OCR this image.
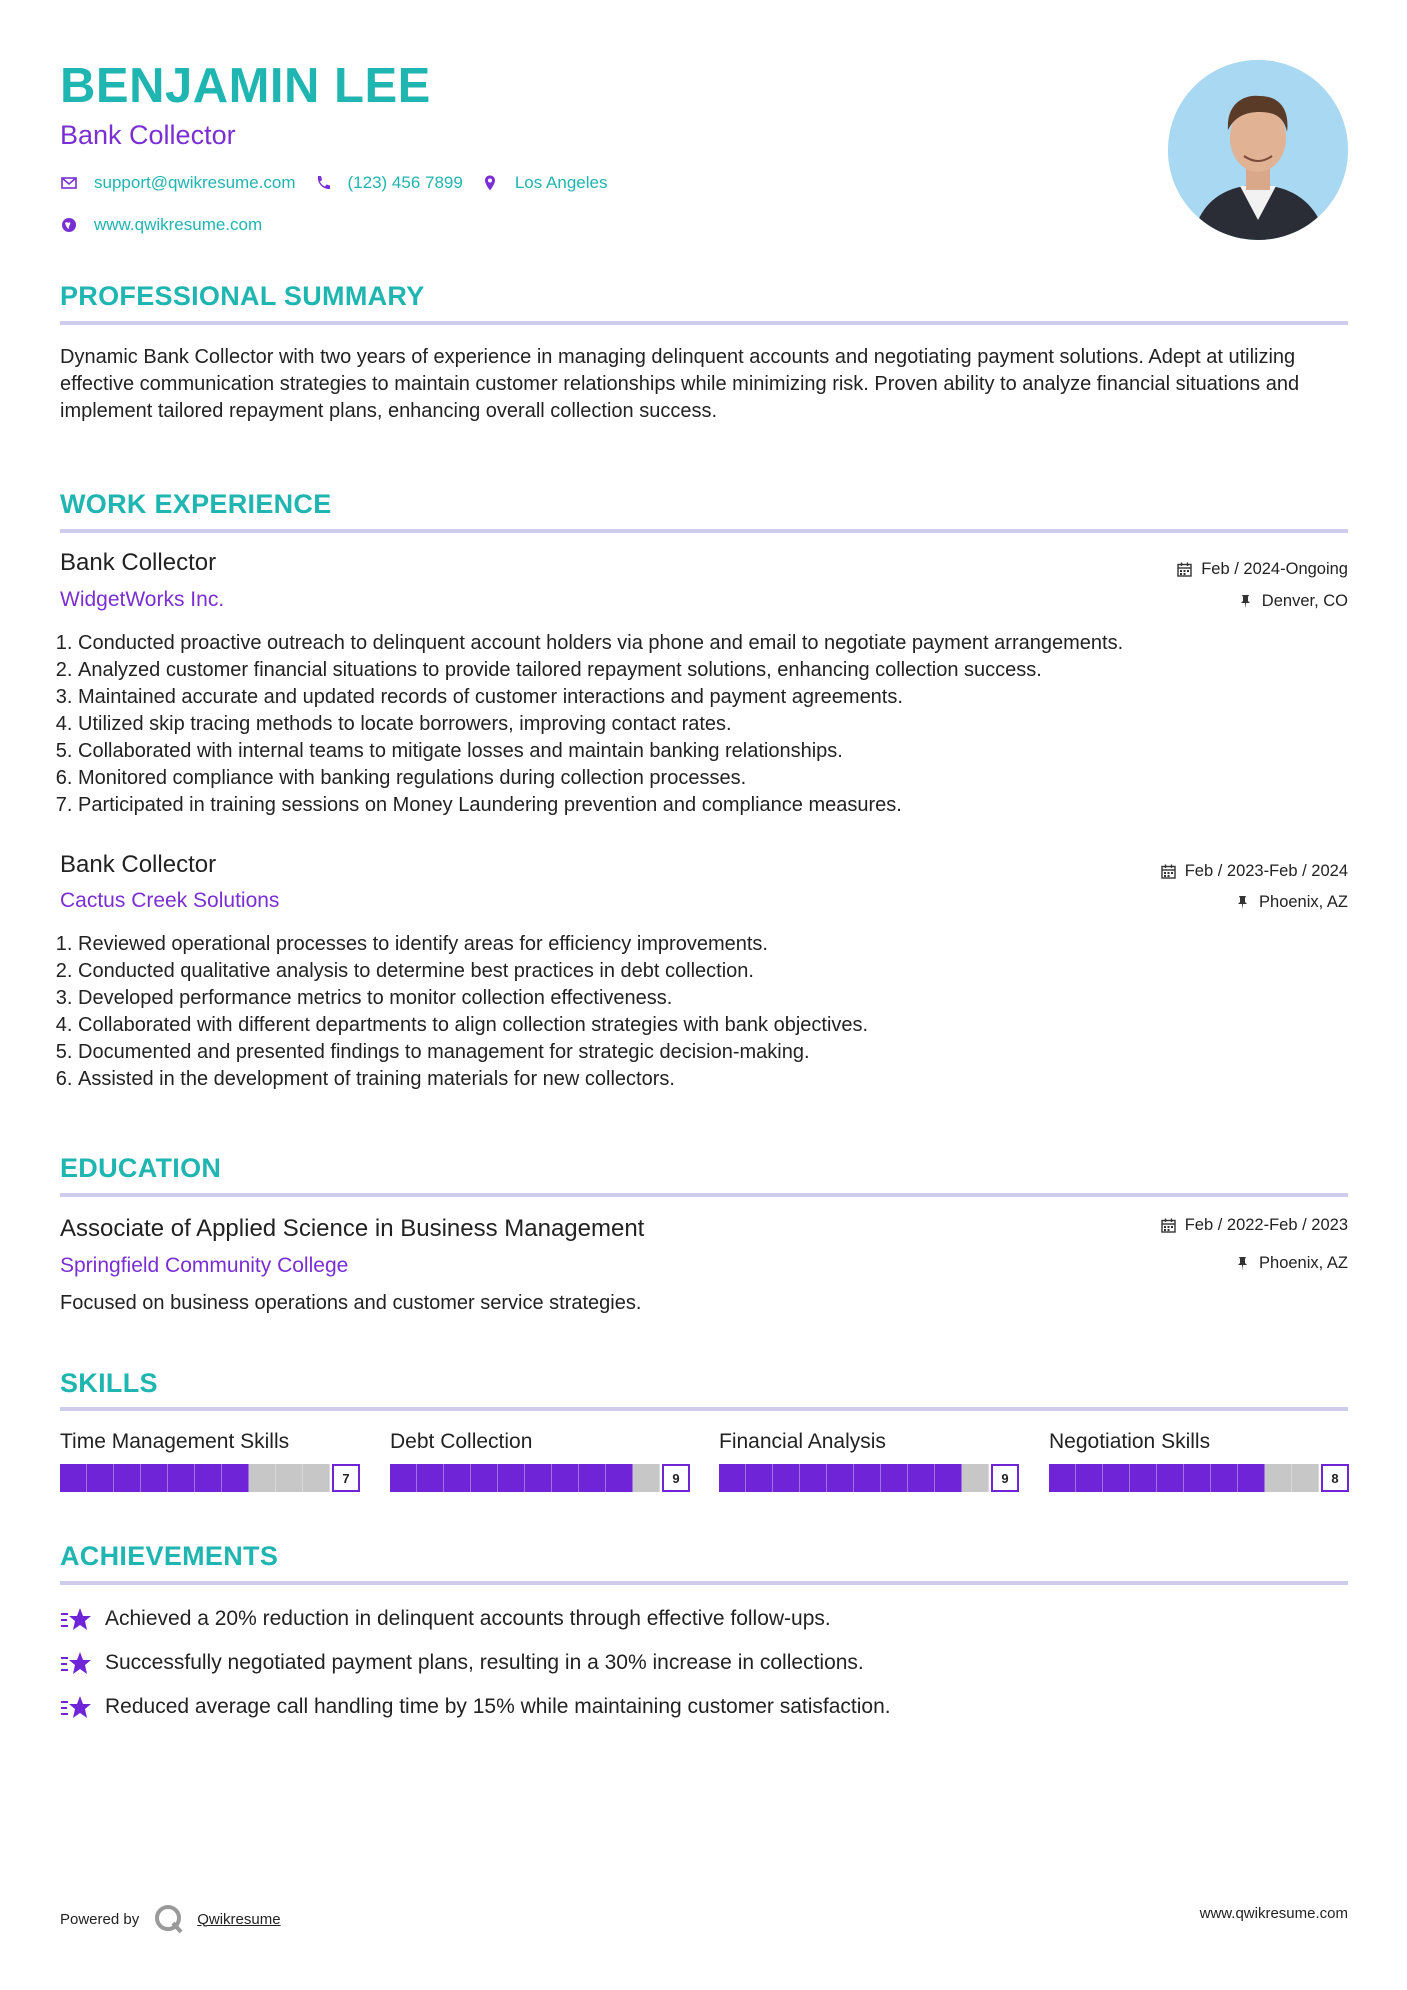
BENJAMIN LEE
Bank Collector
support@qwikresume.com	(123) 456 7899	Los Angeles
www.qwikresume.com
PROFESSIONAL SUMMARY

Dynamic Bank Collector with two years of experience in managing delinquent accounts and negotiating payment solutions. Adept at utilizing effective communication strategies to maintain customer relationships while minimizing risk. Proven ability to analyze financial situations and implement tailored repayment plans, enhancing overall collection success.

WORK EXPERIENCE
Bank Collector
WidgetWorks Inc.
Feb / 2024-Ongoing
Denver, CO
1. Conducted proactive outreach to delinquent account holders via phone and email to negotiate payment arrangements.
2. Analyzed customer financial situations to provide tailored repayment solutions, enhancing collection success.
3. Maintained accurate and updated records of customer interactions and payment agreements.
4. Utilized skip tracing methods to locate borrowers, improving contact rates.
5. Collaborated with internal teams to mitigate losses and maintain banking relationships.
6. Monitored compliance with banking regulations during collection processes.
7. Participated in training sessions on Money Laundering prevention and compliance measures.
Bank Collector
Cactus Creek Solutions
Feb / 2023-Feb / 2024
Phoenix, AZ
1. Reviewed operational processes to identify areas for efficiency improvements.
2. Conducted qualitative analysis to determine best practices in debt collection.
3. Developed performance metrics to monitor collection effectiveness.
4. Collaborated with different departments to align collection strategies with bank objectives.
5. Documented and presented findings to management for strategic decision-making.
6. Assisted in the development of training materials for new collectors.
EDUCATION
Associate of Applied Science in Business Management
Springfield Community College
Feb / 2022-Feb / 2023
Phoenix, AZ
Focused on business operations and customer service strategies.
SKILLS
Time Management Skills
7
Debt Collection
9
Financial Analysis
9
Negotiation Skills
8
ACHIEVEMENTS
Achieved a 20% reduction in delinquent accounts through effective follow-ups.
Successfully negotiated payment plans, resulting in a 30% increase in collections.
Reduced average call handling time by 15% while maintaining customer satisfaction.
Powered by	Qwikresume	www.qwikresume.com
